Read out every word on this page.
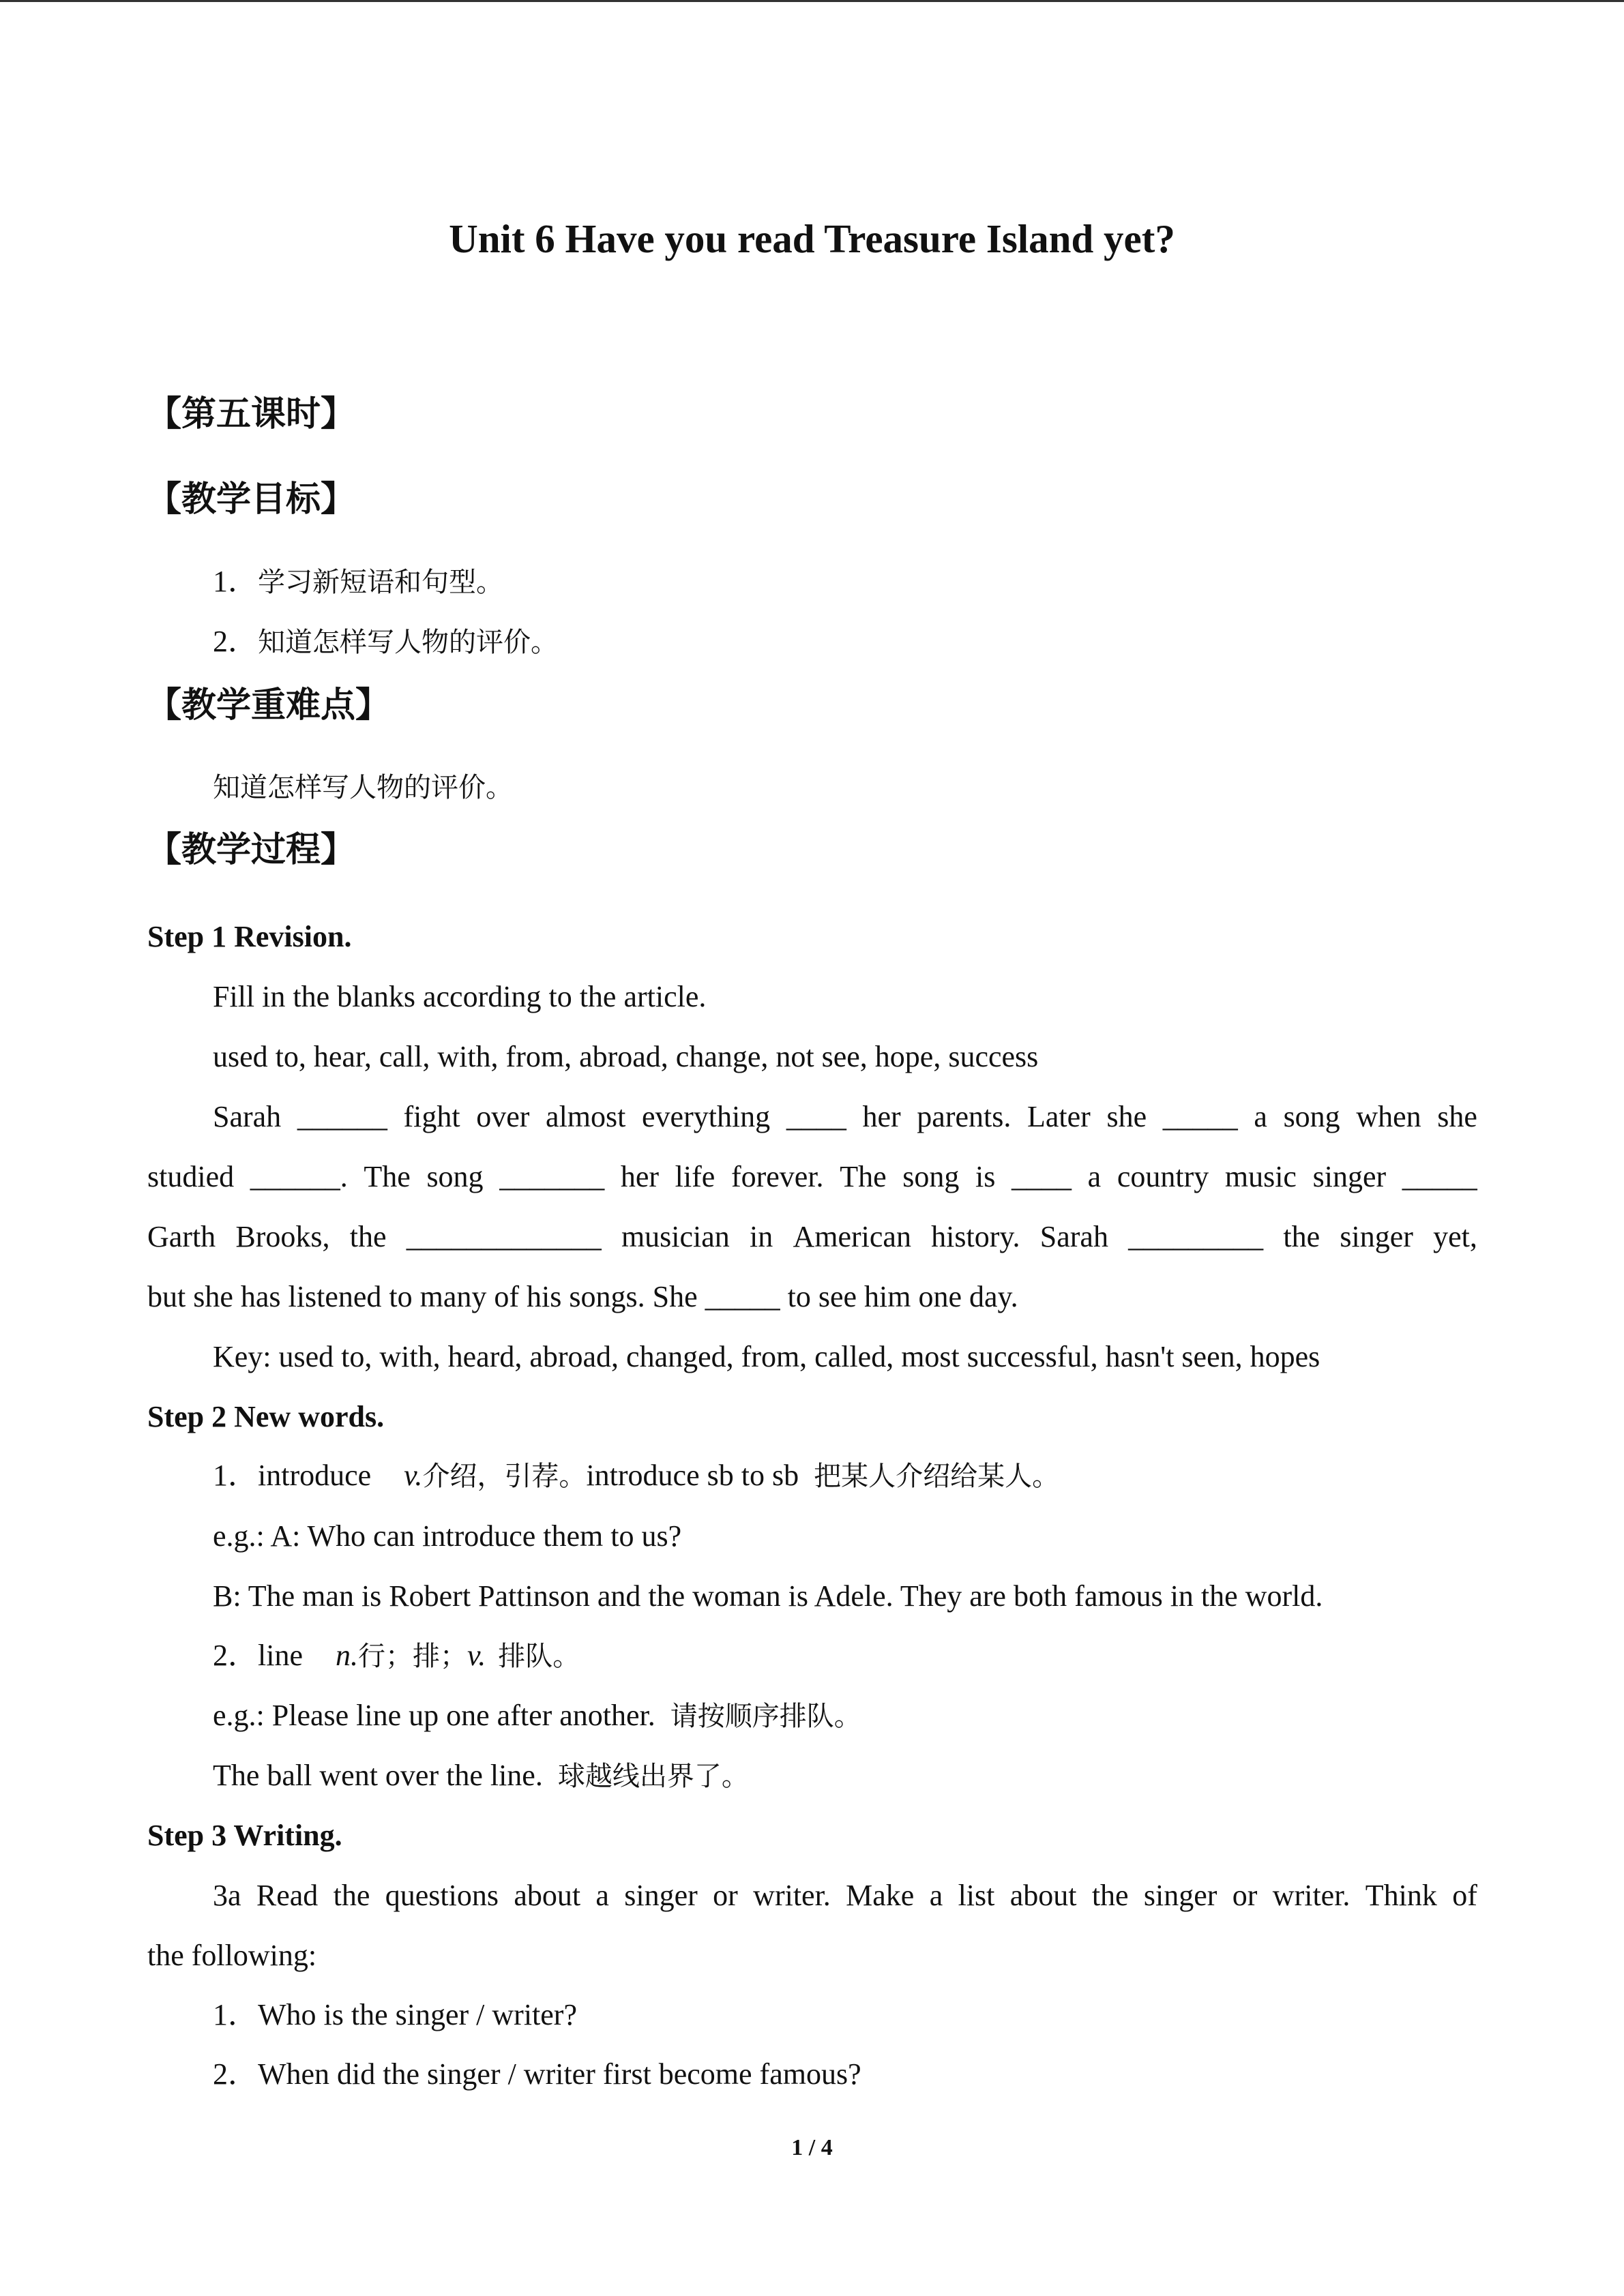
Unit 6 Have you read Treasure Island yet?
【第五课时】
【教学目标】
1．学习新短语和句型。
2．知道怎样写人物的评价。
【教学重难点】
知道怎样写人物的评价。
【教学过程】
Step 1 Revision.
Fill in the blanks according to the article.
used to, hear, call, with, from, abroad, change, not see, hope, success
Sarah ______ fight over almost everything ____ her parents. Later she _____ a song when she
studied ______. The song _______ her life forever. The song is ____ a country music singer _____
Garth Brooks, the _____________ musician in American history. Sarah _________ the singer yet,
but she has listened to many of his songs. She _____ to see him one day.
Key: used to, with, heard, abroad, changed, from, called, most successful, hasn't seen, hopes
Step 2 New words.
1．introduce v.介绍，引荐。introduce sb to sb 把某人介绍给某人。
e.g.: A: Who can introduce them to us?
B: The man is Robert Pattinson and the woman is Adele. They are both famous in the world.
2．line n.行；排；v. 排队。
e.g.: Please line up one after another. 请按顺序排队。
The ball went over the line. 球越线出界了。
Step 3 Writing.
3a Read the questions about a singer or writer. Make a list about the singer or writer. Think of
the following:
1．Who is the singer / writer?
2．When did the singer / writer first become famous?
1 / 4
